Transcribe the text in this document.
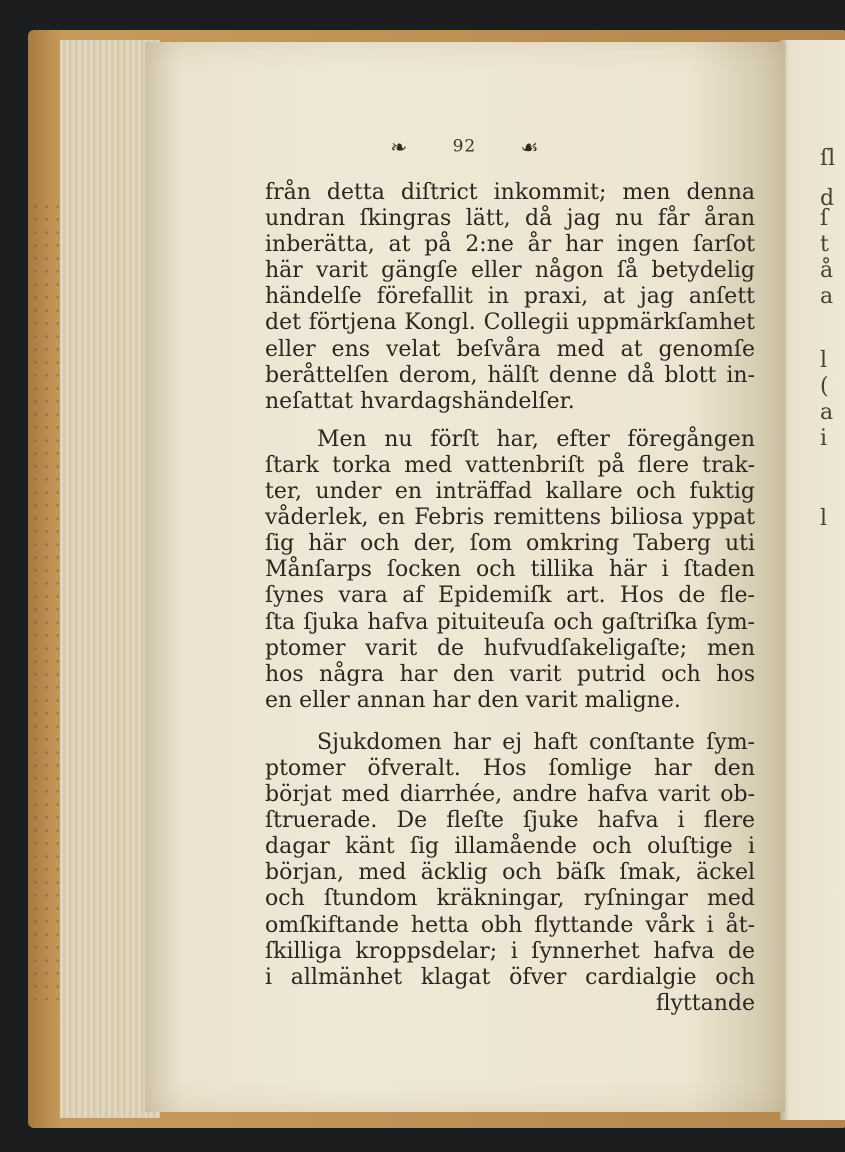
ſl
d
ſ
t
å
a
l
(
a
i
l
❧	92 ☙
från detta diſtrict inkommit; men denna
undran ſkingras lätt, då jag nu får åran
inberätta, at på 2:ne år har ingen ſarſot
här varit gängſe eller någon ſå betydelig
händelſe förefallit in praxi, at jag anſett
det förtjena Kongl. Collegii uppmärkſamhet
eller ens velat beſvåra med at genomſe
beråttelſen derom, hälſt denne då blott in-
neſattat hvardagshändelſer.
Men nu förſt har, efter föregången
ſtark torka med vattenbriſt på flere trak-
ter, under en inträffad kallare och fuktig
våderlek, en Febris remittens biliosa yppat
ſig här och der, ſom omkring Taberg uti
Månſarps ſocken och tillika här i ſtaden
ſynes vara af Epidemiſk art. Hos de fle-
ſta ſjuka hafva pituiteuſa och gaſtriſka ſym-
ptomer varit de hufvudſakeligaſte; men
hos några har den varit putrid och hos
en eller annan har den varit maligne.
Sjukdomen har ej haft conſtante ſym-
ptomer öfveralt. Hos ſomlige har den
börjat med diarrhée, andre hafva varit ob-
ſtruerade. De fleſte ſjuke hafva i flere
dagar känt ſig illamående och oluſtige i
början, med äcklig och bäſk ſmak, äckel
och ſtundom kräkningar, ryſningar med
omſkiftande hetta obh flyttande vårk i åt-
ſkilliga kroppsdelar; i ſynnerhet hafva de
i allmänhet klagat öfver cardialgie och
flyttande
